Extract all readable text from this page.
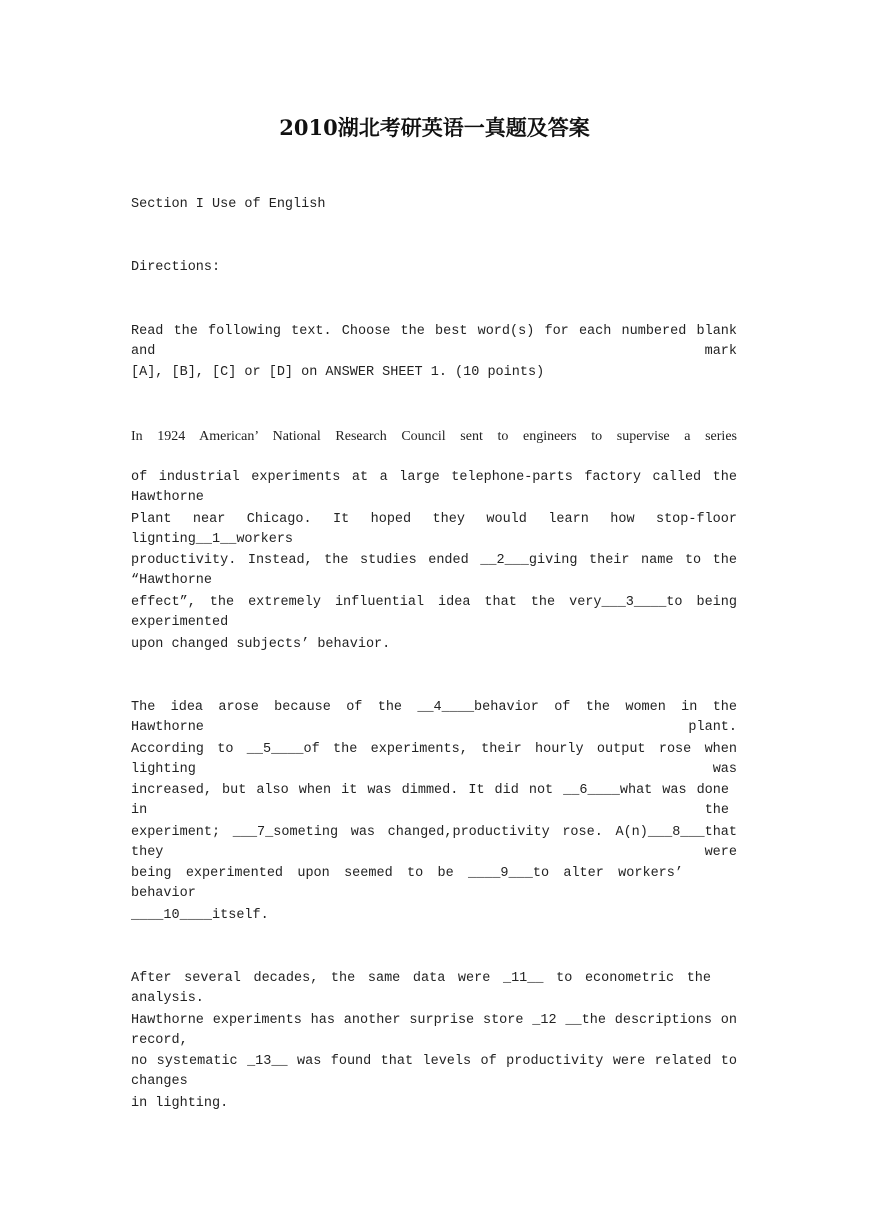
2010湖北考研英语一真题及答案
Section I Use of English
Directions:
Read the following text. Choose the best word(s) for each numbered blank and mark
[A], [B], [C] or [D] on ANSWER SHEET 1. (10 points)
In 1924 American’ National Research Council sent to engineers to supervise a series
of industrial experiments at a large telephone-parts factory called the Hawthorne
Plant near Chicago. It hoped they would learn how stop-floor lignting__1__workers
productivity. Instead, the studies ended __2___giving their name to the “Hawthorne
effect”, the extremely influential idea that the very___3____to being experimented
upon changed subjects’ behavior.
The idea arose because of the __4____behavior of the women in the Hawthorne plant.
According to __5____of the experiments, their hourly output rose when lighting was
increased, but also when it was dimmed. It did not __6____what was done in the
experiment; ___7_someting was changed,productivity rose. A(n)___8___that they were
being experimented upon seemed to be ____9___to alter workers’ behavior
____10____itself.
After several decades, the same data were _11__ to econometric the analysis.
Hawthorne experiments has another surprise store _12 __the descriptions on record,
no systematic _13__ was found that levels of productivity were related to changes
in lighting.
